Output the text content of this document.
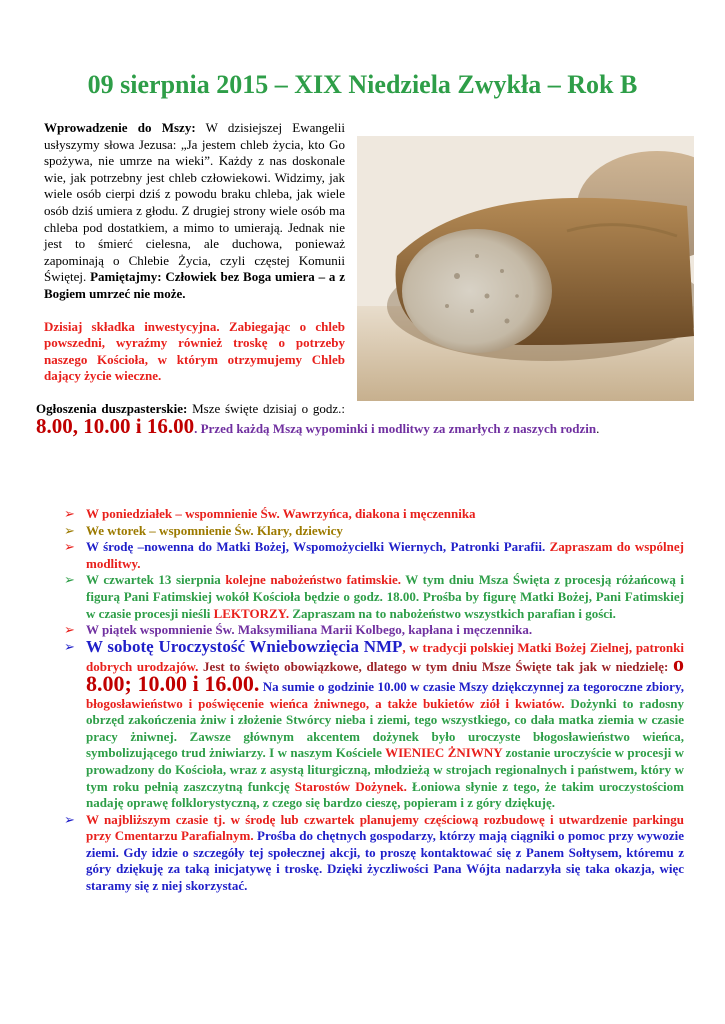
09 sierpnia 2015 – XIX Niedziela Zwykła – Rok B

Wprowadzenie do Mszy: W dzisiejszej Ewangelii usłyszymy słowa Jezusa: „Ja jestem chleb życia, kto Go spożywa, nie umrze na wieki”. Każdy z nas doskonale wie, jak potrzebny jest chleb człowiekowi. Widzimy, jak wiele osób cierpi dziś z powodu braku chleba, jak wiele osób dziś umiera z głodu. Z drugiej strony wiele osób ma chleba pod dostatkiem, a mimo to umierają. Jednak nie jest to śmierć cielesna, ale duchowa, ponieważ zapominają o Chlebie Życia, czyli częstej Komunii Świętej. Pamiętajmy: Człowiek bez Boga umiera – a z Bogiem umrzeć nie może.

Dzisiaj składka inwestycyjna. Zabiegając o chleb powszedni, wyraźmy również troskę o potrzeby naszego Kościoła, w którym otrzymujemy Chleb dający życie wieczne.

Ogłoszenia duszpasterskie: Msze święte dzisiaj o godz.: 8.00, 10.00 i 16.00. Przed każdą Mszą wypominki i modlitwy za zmarłych z naszych rodzin.

➢ W poniedziałek – wspomnienie Św. Wawrzyńca, diakona i męczennika
➢ We wtorek – wspomnienie Św. Klary, dziewicy
➢ W środę –nowenna do Matki Bożej, Wspomożycielki Wiernych, Patronki Parafii. Zapraszam do wspólnej modlitwy.
➢ W czwartek 13 sierpnia kolejne nabożeństwo fatimskie. W tym dniu Msza Święta z procesją różańcową i figurą Pani Fatimskiej wokół Kościoła będzie o godz. 18.00. Prośba by figurę Matki Bożej, Pani Fatimskiej w czasie procesji nieśli LEKTORZY. Zapraszam na to nabożeństwo wszystkich parafian i gości.
➢ W piątek wspomnienie Św. Maksymiliana Marii Kolbego, kapłana i męczennika.
➢ W sobotę Uroczystość Wniebowzięcia NMP, w tradycji polskiej Matki Bożej Zielnej, patronki dobrych urodzajów. Jest to święto obowiązkowe, dlatego w tym dniu Msze Święte tak jak w niedzielę: o 8.00; 10.00 i 16.00. Na sumie o godzinie 10.00 w czasie Mszy dziękczynnej za tegoroczne zbiory, błogosławieństwo i poświęcenie wieńca żniwnego, a także bukietów ziół i kwiatów. Dożynki to radosny obrzęd zakończenia żniw i złożenie Stwórcy nieba i ziemi, tego wszystkiego, co dała matka ziemia w czasie pracy żniwnej. Zawsze głównym akcentem dożynek było uroczyste błogosławieństwo wieńca, symbolizującego trud żniwiarzy. I w naszym Kościele WIENIEC ŻNIWNY zostanie uroczyście w procesji w prowadzony do Kościoła, wraz z asystą liturgiczną, młodzieżą w strojach regionalnych i państwem, który w tym roku pełnią zaszczytną funkcję Starostów Dożynek. Łoniowa słynie z tego, że takim uroczystościom nadaję oprawę folklorystyczną, z czego się bardzo cieszę, popieram i z góry dziękuję.
➢ W najbliższym czasie tj. w środę lub czwartek planujemy częściową rozbudowę i utwardzenie parkingu przy Cmentarzu Parafialnym. Prośba do chętnych gospodarzy, którzy mają ciągniki o pomoc przy wywozie ziemi. Gdy idzie o szczegóły tej społecznej akcji, to proszę kontaktować się z Panem Sołtysem, któremu z góry dziękuję za taką inicjatywę i troskę. Dzięki życzliwości Pana Wójta nadarzyła się taka okazja, więc staramy się z niej skorzystać.
